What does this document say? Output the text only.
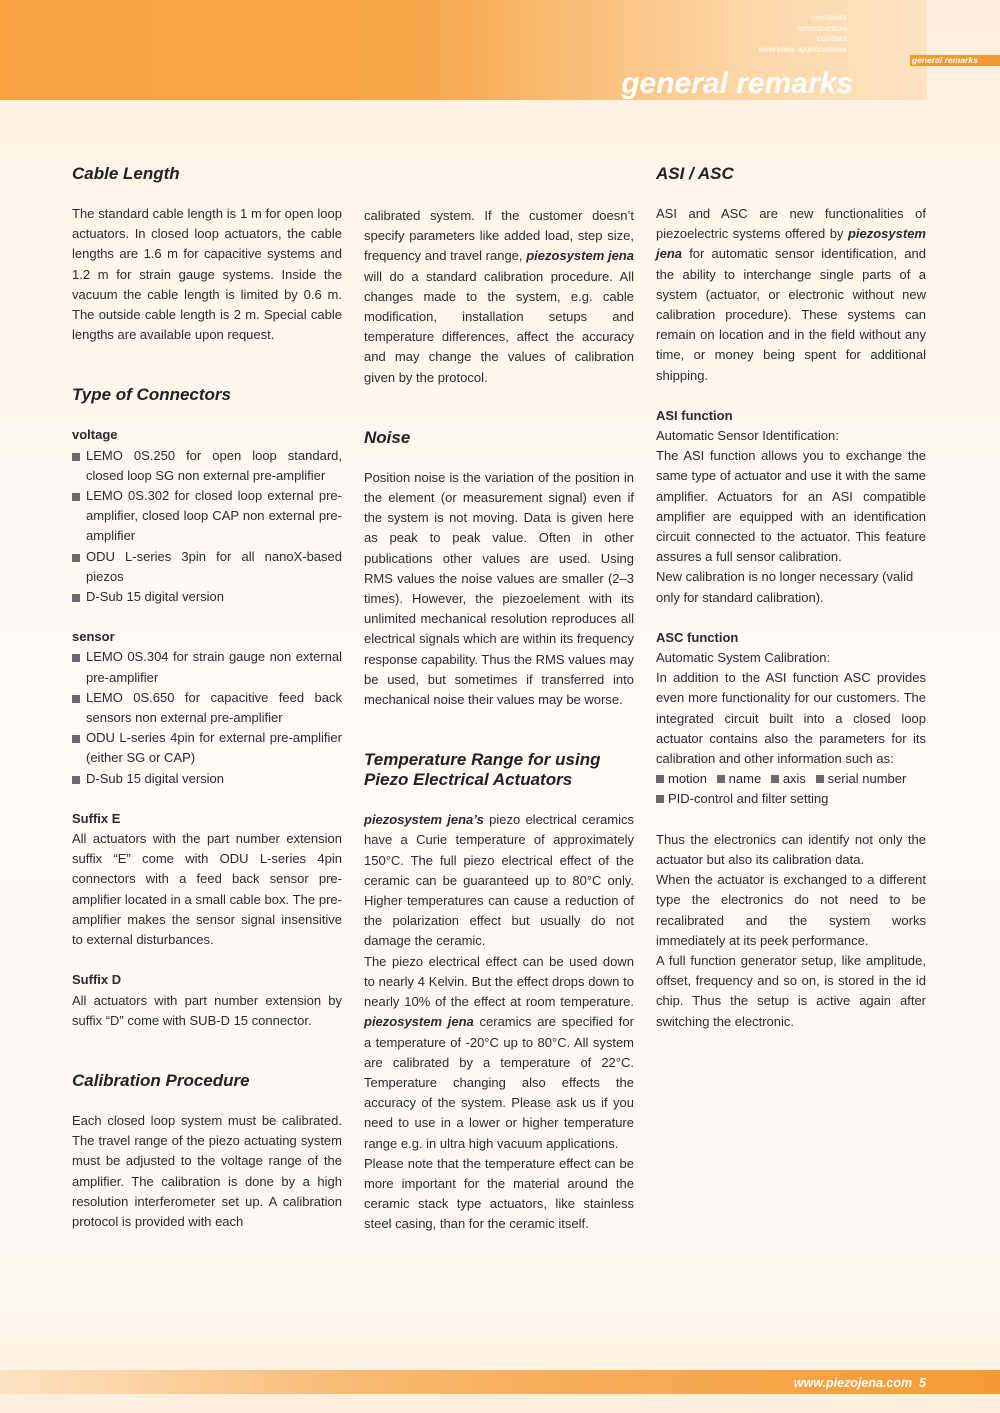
contents
introduction
contact
overview applications
general remarks
general remarks
Cable Length

The standard cable length is 1 m for open loop actuators. In closed loop actuators, the cable lengths are 1.6 m for capacitive systems and 1.2 m for strain gauge systems. Inside the vacuum the cable length is limited by 0.6 m. The outside cable length is 2 m. Special cable lengths are available upon request.

Type of Connectors
voltage
LEMO 0S.250 for open loop standard, closed loop SG non external pre-amplifier
LEMO 0S.302 for closed loop external pre-amplifier, closed loop CAP non external pre-amplifier
ODU L-series 3pin for all nanoX-based piezos
D-Sub 15 digital version
sensor
LEMO 0S.304 for strain gauge non external pre-amplifier
LEMO 0S.650 for capacitive feed back sensors non external pre-amplifier
ODU L-series 4pin for external pre-amplifier (either SG or CAP)
D-Sub 15 digital version
Suffix E

All actuators with the part number extension suffix “E” come with ODU L-series 4pin connectors with a feed back sensor pre-amplifier located in a small cable box. The pre-amplifier makes the sensor signal insensitive to external disturbances.

Suffix D

All actuators with part number extension by suffix “D” come with SUB-D 15 connector.

Calibration Procedure

Each closed loop system must be calibrated. The travel range of the piezo actuating system must be adjusted to the voltage range of the amplifier. The calibration is done by a high resolution interferometer set up. A calibration protocol is provided with each

calibrated system. If the customer doesn’t specify parameters like added load, step size, frequency and travel range, piezosystem jena will do a standard calibration procedure. All changes made to the system, e.g. cable modification, installation setups and temperature differences, affect the accuracy and may change the values of calibration given by the protocol.

Noise

Position noise is the variation of the position in the element (or measurement signal) even if the system is not moving. Data is given here as peak to peak value. Often in other publications other values are used. Using RMS values the noise values are smaller (2–3 times). However, the piezoelement with its unlimited mechanical resolution reproduces all electrical signals which are within its frequency response capability. Thus the RMS values may be used, but sometimes if transferred into mechanical noise their values may be worse.

Temperature Range for using Piezo Electrical Actuators

piezosystem jena’s piezo electrical ceramics have a Curie temperature of approximately 150°C. The full piezo electrical effect of the ceramic can be guaranteed up to 80°C only. Higher temperatures can cause a reduction of the polarization effect but usually do not damage the ceramic.

The piezo electrical effect can be used down to nearly 4 Kelvin. But the effect drops down to nearly 10% of the effect at room temperature. piezosystem jena ceramics are specified for a temperature of -20°C up to 80°C. All system are calibrated by a temperature of 22°C. Temperature changing also effects the accuracy of the system. Please ask us if you need to use in a lower or higher temperature range e.g. in ultra high vacuum applications.

Please note that the temperature effect can be more important for the material around the ceramic stack type actuators, like stainless steel casing, than for the ceramic itself.

ASI / ASC

ASI and ASC are new functionalities of piezoelectric systems offered by piezosystem jena for automatic sensor identification, and the ability to interchange single parts of a system (actuator, or electronic without new calibration procedure). These systems can remain on location and in the field without any time, or money being spent for additional shipping.

ASI function
Automatic Sensor Identification:

The ASI function allows you to exchange the same type of actuator and use it with the same amplifier. Actuators for an ASI compatible amplifier are equipped with an identification circuit connected to the actuator. This feature assures a full sensor calibration.

New calibration is no longer necessary (valid only for standard calibration).

ASC function
Automatic System Calibration:

In addition to the ASI function ASC provides even more functionality for our customers. The integrated circuit built into a closed loop actuator contains also the parameters for its calibration and other information such as:

motion name axis serial number
PID-control and filter setting

Thus the electronics can identify not only the actuator but also its calibration data.

When the actuator is exchanged to a different type the electronics do not need to be recalibrated and the system works immediately at its peek performance.

A full function generator setup, like amplitude, offset, frequency and so on, is stored in the id chip. Thus the setup is active again after switching the electronic.

www.piezojena.com 5
